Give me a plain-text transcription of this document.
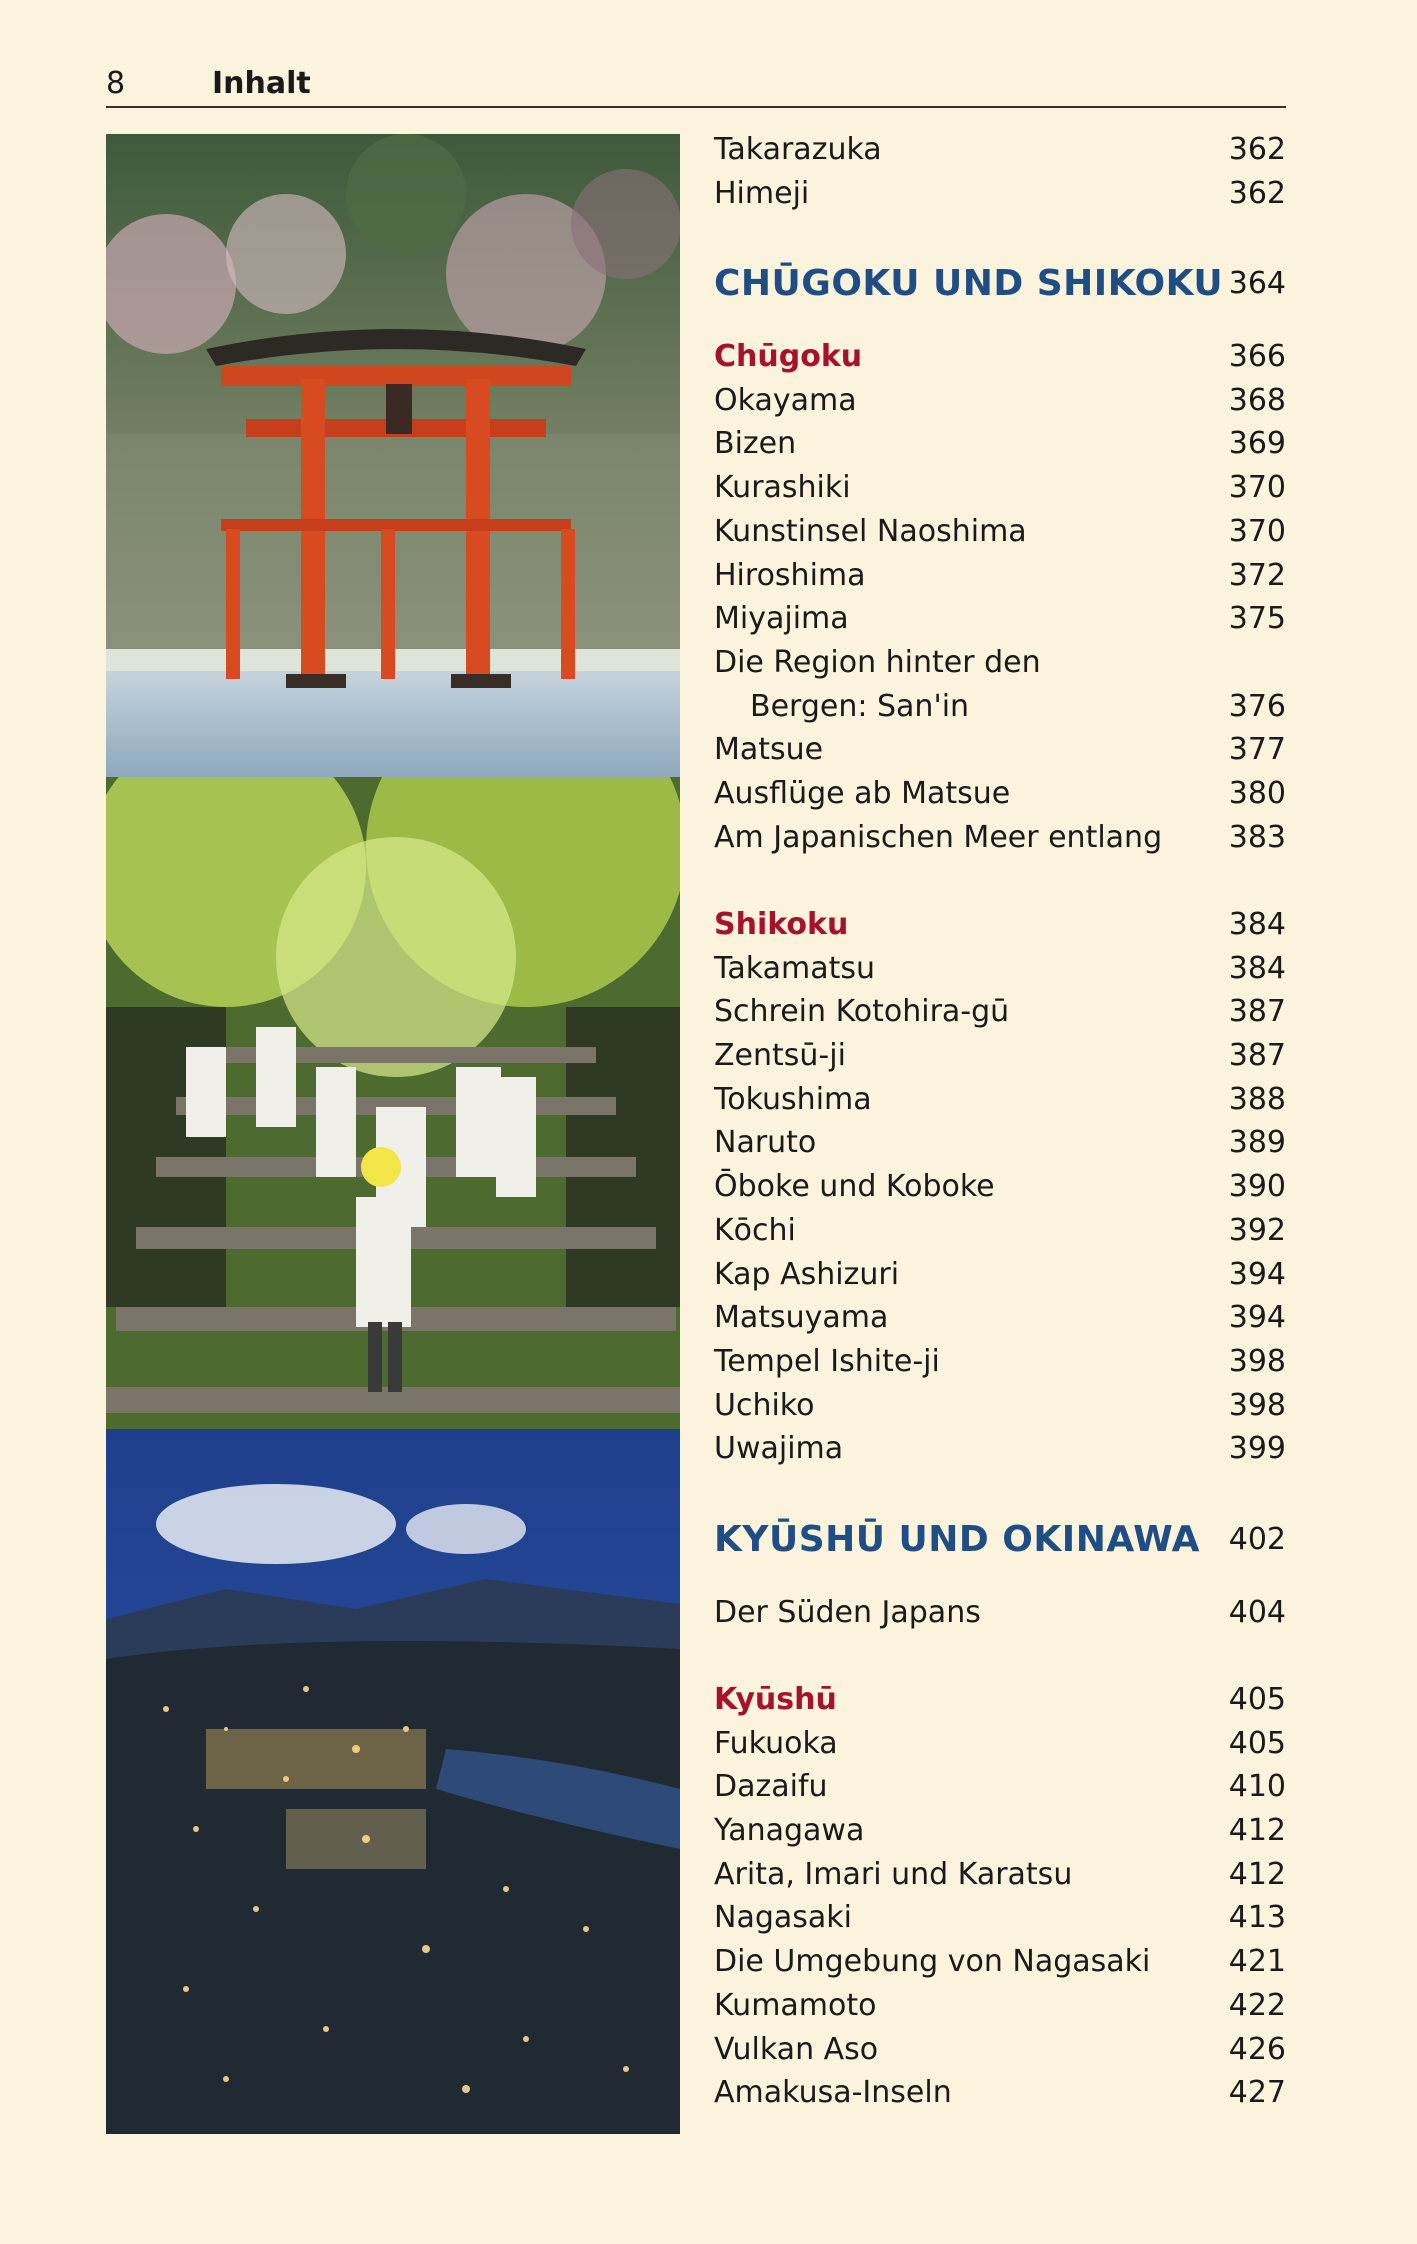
8	Inhalt
Takarazuka	362
Himeji	362
CHŪGOKU UND SHIKOKU 364
Chūgoku	366
Okayama	368
Bizen	369
Kurashiki	370
Kunstinsel Naoshima	370
Hiroshima	372
Miyajima	375
Die Region hinter den
Bergen: San'in	376
Matsue	377
Ausflüge ab Matsue	380
Am Japanischen Meer entlang 383
Shikoku	384
Takamatsu	384
Schrein Kotohira-gū	387
Zentsū-ji	387
Tokushima	388
Naruto	389
Ōboke und Koboke	390
Kōchi	392
Kap Ashizuri	394
Matsuyama	394
Tempel Ishite-ji	398
Uchiko	398
Uwajima	399
KYŪSHŪ UND OKINAWA 402
Der Süden Japans	404
Kyūshū	405
Fukuoka	405
Dazaifu	410
Yanagawa	412
Arita, Imari und Karatsu	412
Nagasaki	413
Die Umgebung von Nagasaki	421
Kumamoto	422
Vulkan Aso	426
Amakusa-Inseln	427
